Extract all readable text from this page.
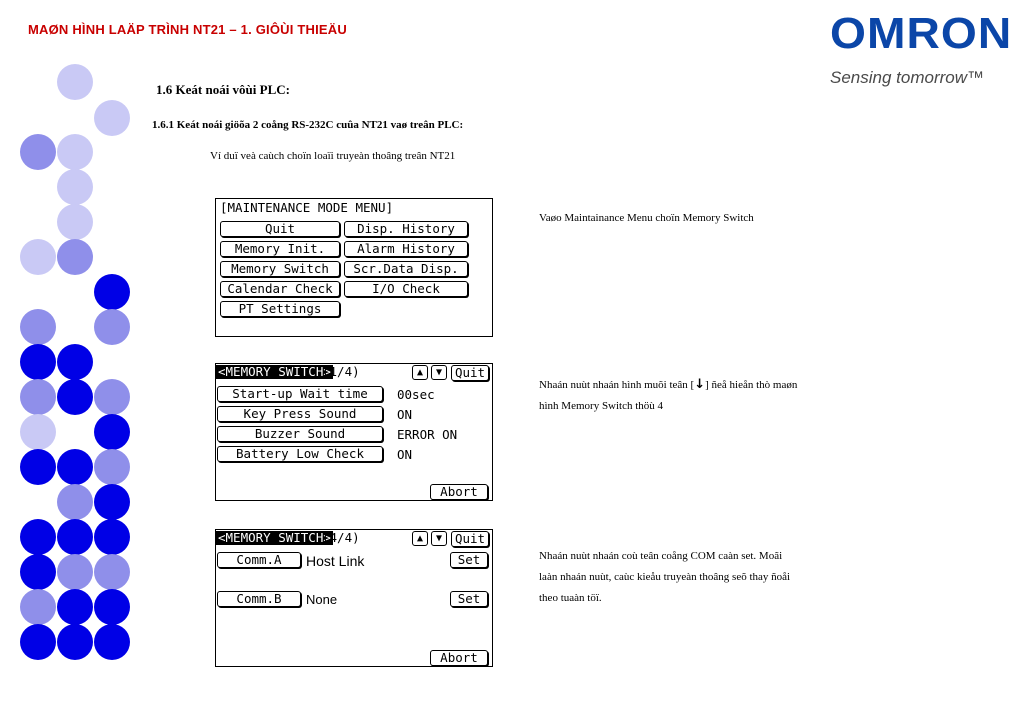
MAØN HÌNH LAÄP TRÌNH NT21 – 1. GIÔÙI THIEÄU	OMRON
Sensing tomorrow™
1.6 Keát noái vôùi PLC:
1.6.1 Keát noái giöõa 2 coång RS-232C cuûa NT21 vaø treân PLC:
Ví duï veà caùch choïn loaïi truyeàn thoâng treân NT21
[MAINTENANCE MODE MENU]
Quit	Disp. History
Memory Init.	Alarm History
Memory Switch	Scr.Data Disp.
Calendar Check	I/O Check
PT Settings
<MEMORY SWITCH>
(1/4)	▲	▼	Quit
Start-up Wait time	00sec
Key Press Sound	ON
Buzzer Sound	ERROR ON
Battery Low Check	ON
Abort
<MEMORY SWITCH>
(4/4)	▲	▼	Quit
Comm.A	Host Link	Set
Comm.B	None	Set
Abort
Vaøo Maintainance Menu choïn Memory Switch
Nhaán nuùt nhaán hình muõi teân [↓] ñeå hieån thò maøn
hình Memory Switch thöù 4
Nhaán nuùt nhaán coù teân coång COM caàn set. Moãi
laàn nhaán nuùt, caùc kieåu truyeàn thoâng seõ thay ñoåi
theo tuaàn töï.
